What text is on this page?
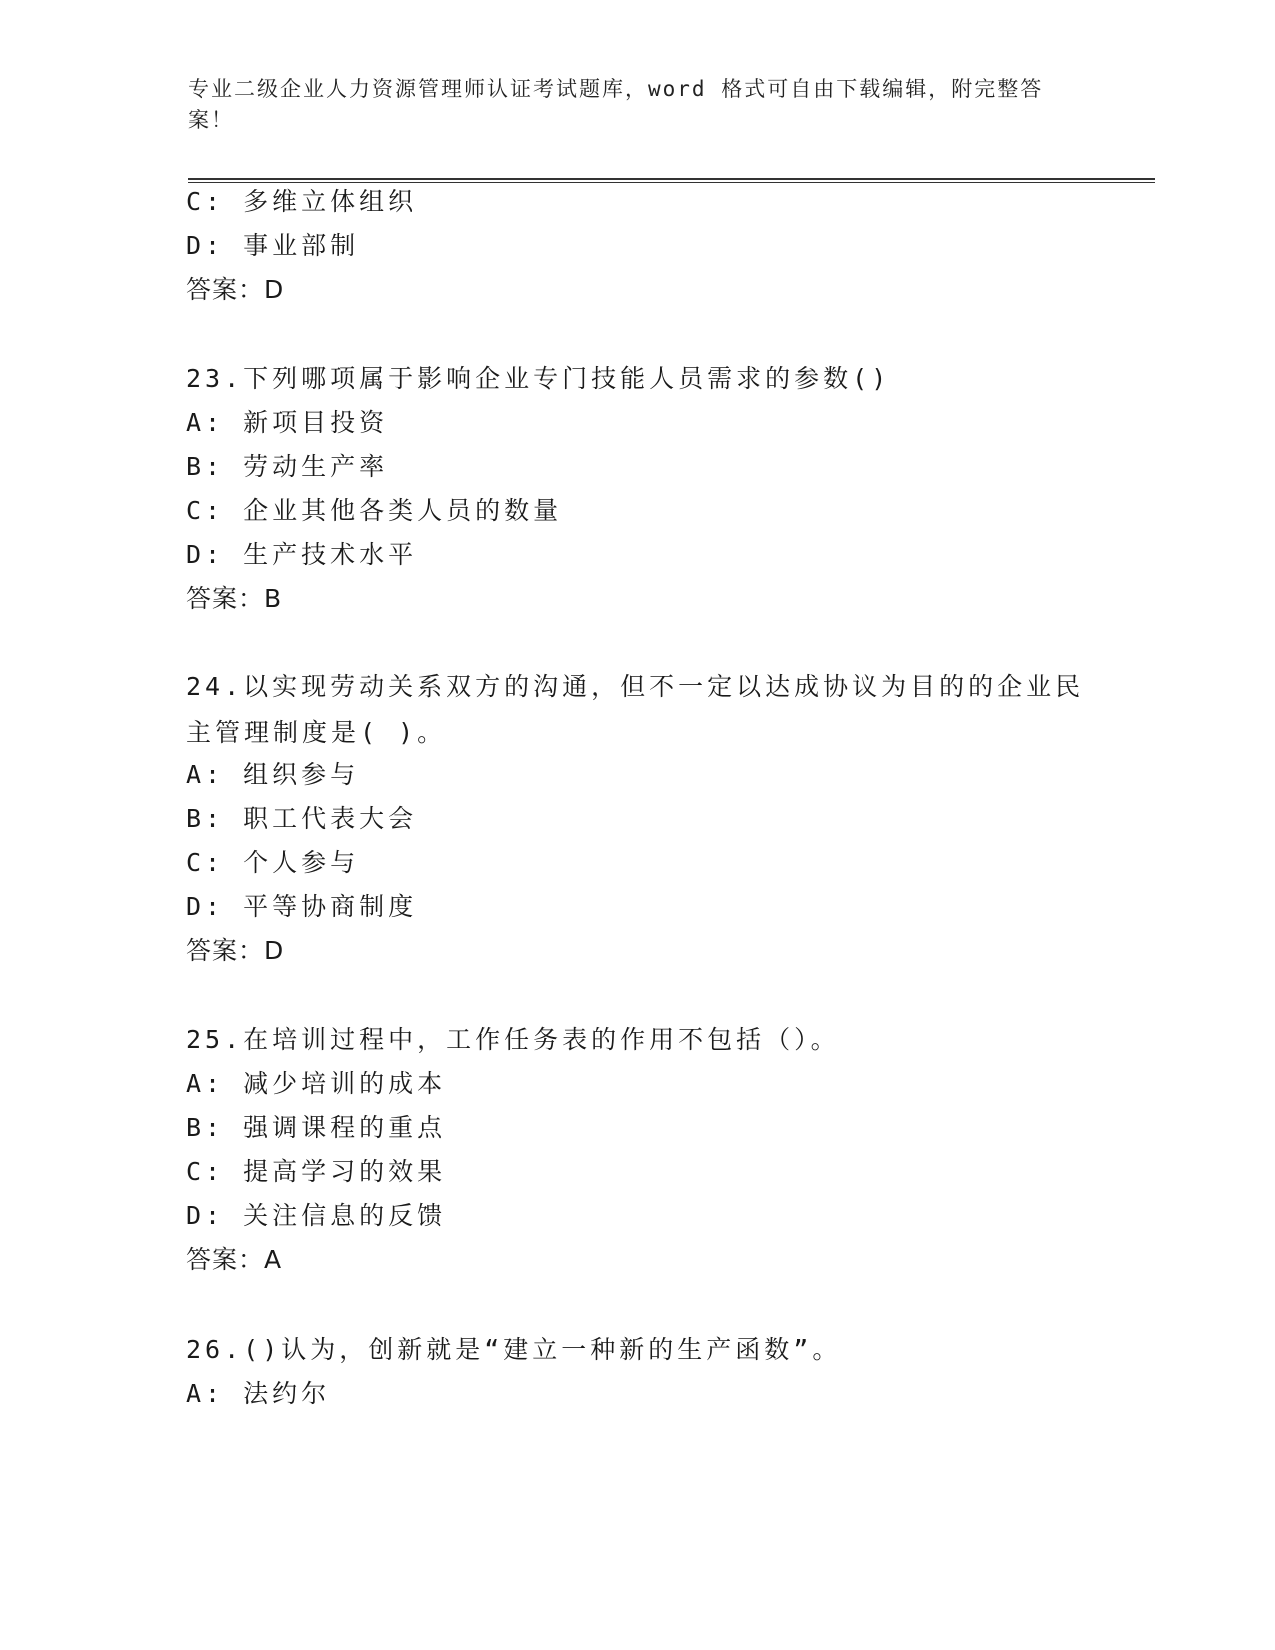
专业二级企业人力资源管理师认证考试题库，word 格式可自由下载编辑，附完整答案！
C: 多维立体组织
D: 事业部制
答案：D
23.下列哪项属于影响企业专门技能人员需求的参数()
A: 新项目投资
B: 劳动生产率
C: 企业其他各类人员的数量
D: 生产技术水平
答案：B
24.以实现劳动关系双方的沟通，但不一定以达成协议为目的的企业民主管理制度是( )。
A: 组织参与
B: 职工代表大会
C: 个人参与
D: 平等协商制度
答案：D
25.在培训过程中，工作任务表的作用不包括（）。
A: 减少培训的成本
B: 强调课程的重点
C: 提高学习的效果
D: 关注信息的反馈
答案：A
26.()认为，创新就是“建立一种新的生产函数”。
A: 法约尔
